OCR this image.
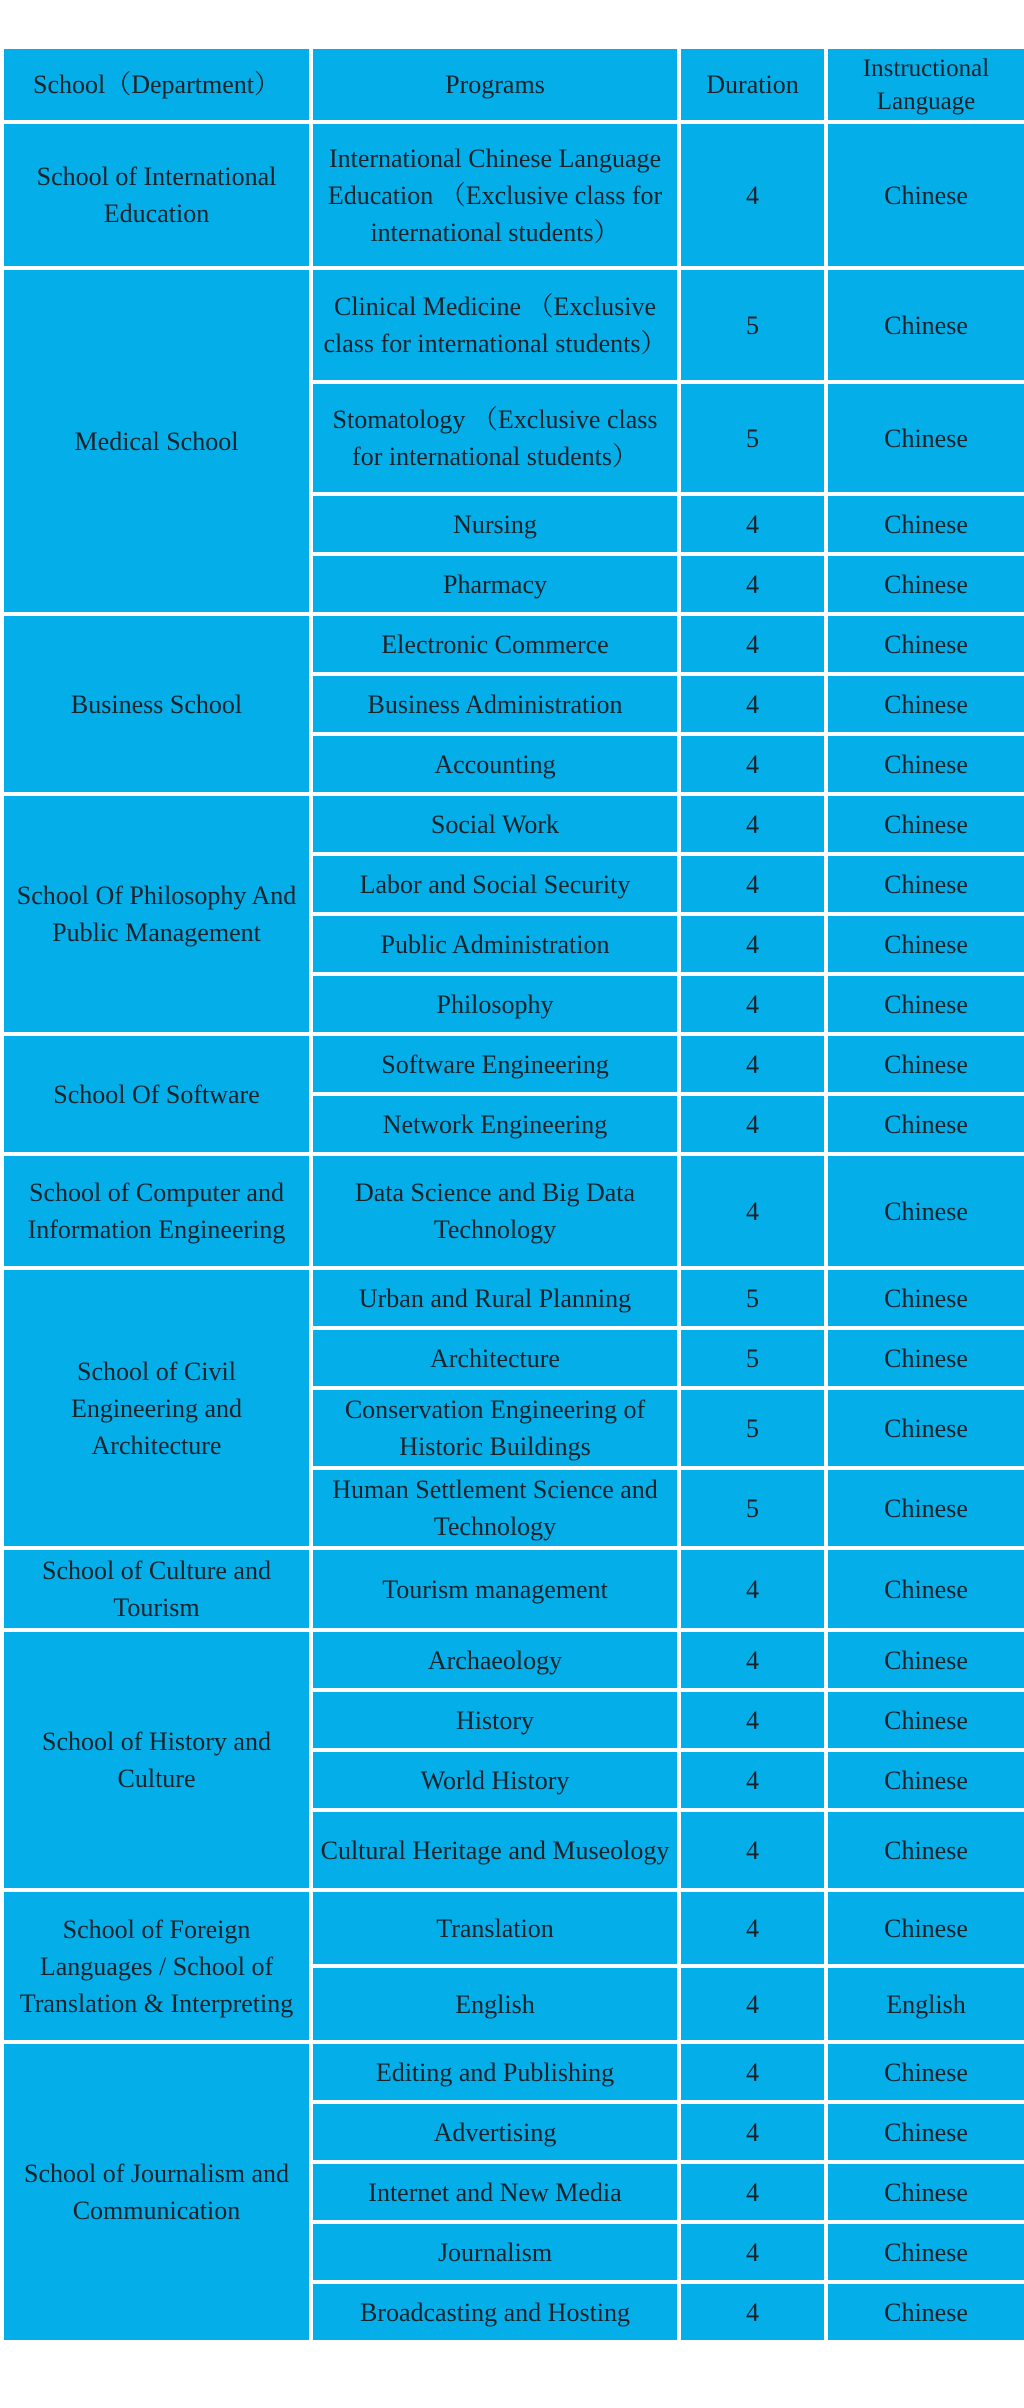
School（Department）	Programs	Duration	Instructional Language
School of International Education	International Chinese Language Education （Exclusive class for international students）	4	Chinese
Medical School	Clinical Medicine （Exclusive class for international students）	5	Chinese
	Stomatology （Exclusive class for international students）	5	Chinese
	Nursing	4	Chinese
	Pharmacy	4	Chinese
Business School	Electronic Commerce	4	Chinese
	Business Administration	4	Chinese
	Accounting	4	Chinese
School Of Philosophy And Public Management	Social Work	4	Chinese
	Labor and Social Security	4	Chinese
	Public Administration	4	Chinese
	Philosophy	4	Chinese
School Of Software	Software Engineering	4	Chinese
	Network Engineering	4	Chinese
School of Computer and Information Engineering	Data Science and Big Data Technology	4	Chinese
School of Civil Engineering and Architecture	Urban and Rural Planning	5	Chinese
	Architecture	5	Chinese
	Conservation Engineering of Historic Buildings	5	Chinese
	Human Settlement Science and Technology	5	Chinese
School of Culture and Tourism	Tourism management	4	Chinese
School of History and Culture	Archaeology	4	Chinese
	History	4	Chinese
	World History	4	Chinese
	Cultural Heritage and Museology	4	Chinese
School of Foreign Languages / School of Translation & Interpreting	Translation	4	Chinese
	English	4	English
School of Journalism and Communication	Editing and Publishing	4	Chinese
	Advertising	4	Chinese
	Internet and New Media	4	Chinese
	Journalism	4	Chinese
	Broadcasting and Hosting	4	Chinese
